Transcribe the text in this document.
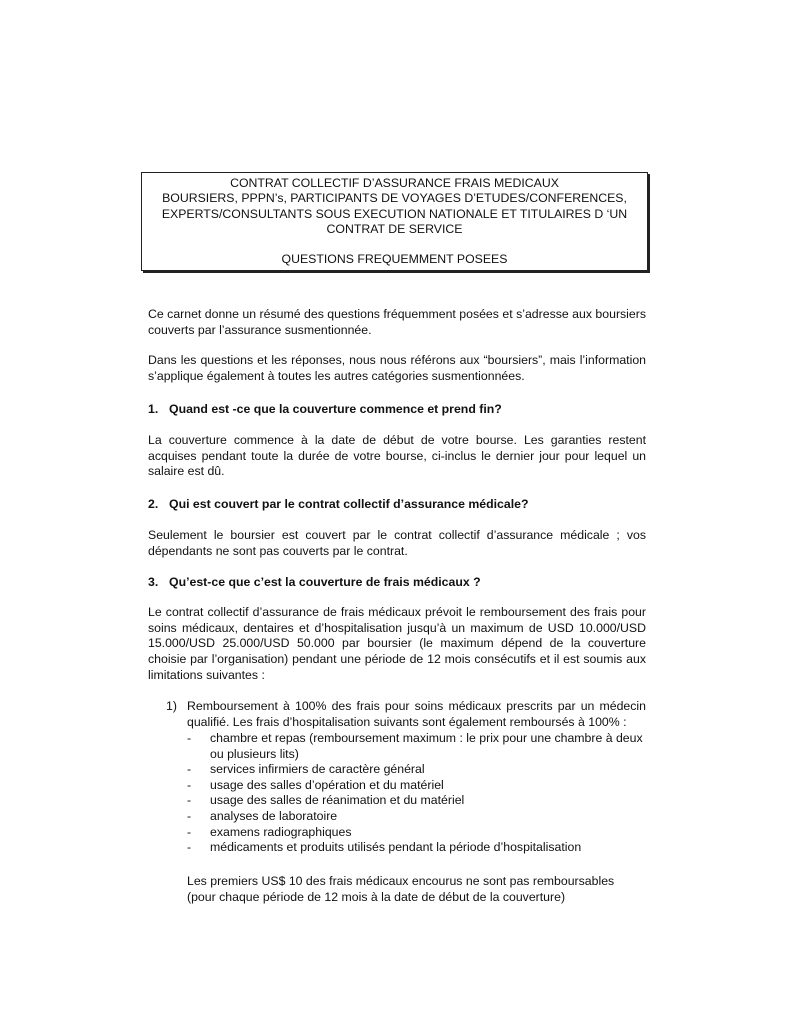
CONTRAT COLLECTIF D’ASSURANCE FRAIS MEDICAUX
BOURSIERS, PPPN’s, PARTICIPANTS DE VOYAGES D’ETUDES/CONFERENCES,
EXPERTS/CONSULTANTS SOUS EXECUTION NATIONALE ET TITULAIRES D ‘UN
CONTRAT DE SERVICE
QUESTIONS FREQUEMMENT POSEES

Ce carnet donne un résumé des questions fréquemment posées et s’adresse aux boursiers couverts par l’assurance susmentionnée.

Dans les questions et les réponses, nous nous référons aux “boursiers”, mais l’information s’applique également à toutes les autres catégories susmentionnées.

1. Quand est -ce que la couverture commence et prend fin?

La couverture commence à la date de début de votre bourse. Les garanties restent acquises pendant toute la durée de votre bourse, ci-inclus le dernier jour pour lequel un salaire est dû.

2. Qui est couvert par le contrat collectif d’assurance médicale?

Seulement le boursier est couvert par le contrat collectif d’assurance médicale ; vos dépendants ne sont pas couverts par le contrat.

3. Qu’est-ce que c’est la couverture de frais médicaux ?

Le contrat collectif d’assurance de frais médicaux prévoit le remboursement des frais pour soins médicaux, dentaires et d’hospitalisation jusqu’à un maximum de USD 10.000/USD 15.000/USD 25.000/USD 50.000 par boursier (le maximum dépend de la couverture choisie par l’organisation) pendant une période de 12 mois consécutifs et il est soumis aux limitations suivantes :

1) Remboursement à 100% des frais pour soins médicaux prescrits par un médecin qualifié. Les frais d’hospitalisation suivants sont également remboursés à 100% :
- chambre et repas (remboursement maximum : le prix pour une chambre à deux ou plusieurs lits)
- services infirmiers de caractère général
- usage des salles d’opération et du matériel
- usage des salles de réanimation et du matériel
- analyses de laboratoire
- examens radiographiques
- médicaments et produits utilisés pendant la période d’hospitalisation

Les premiers US$ 10 des frais médicaux encourus ne sont pas remboursables (pour chaque période de 12 mois à la date de début de la couverture)
